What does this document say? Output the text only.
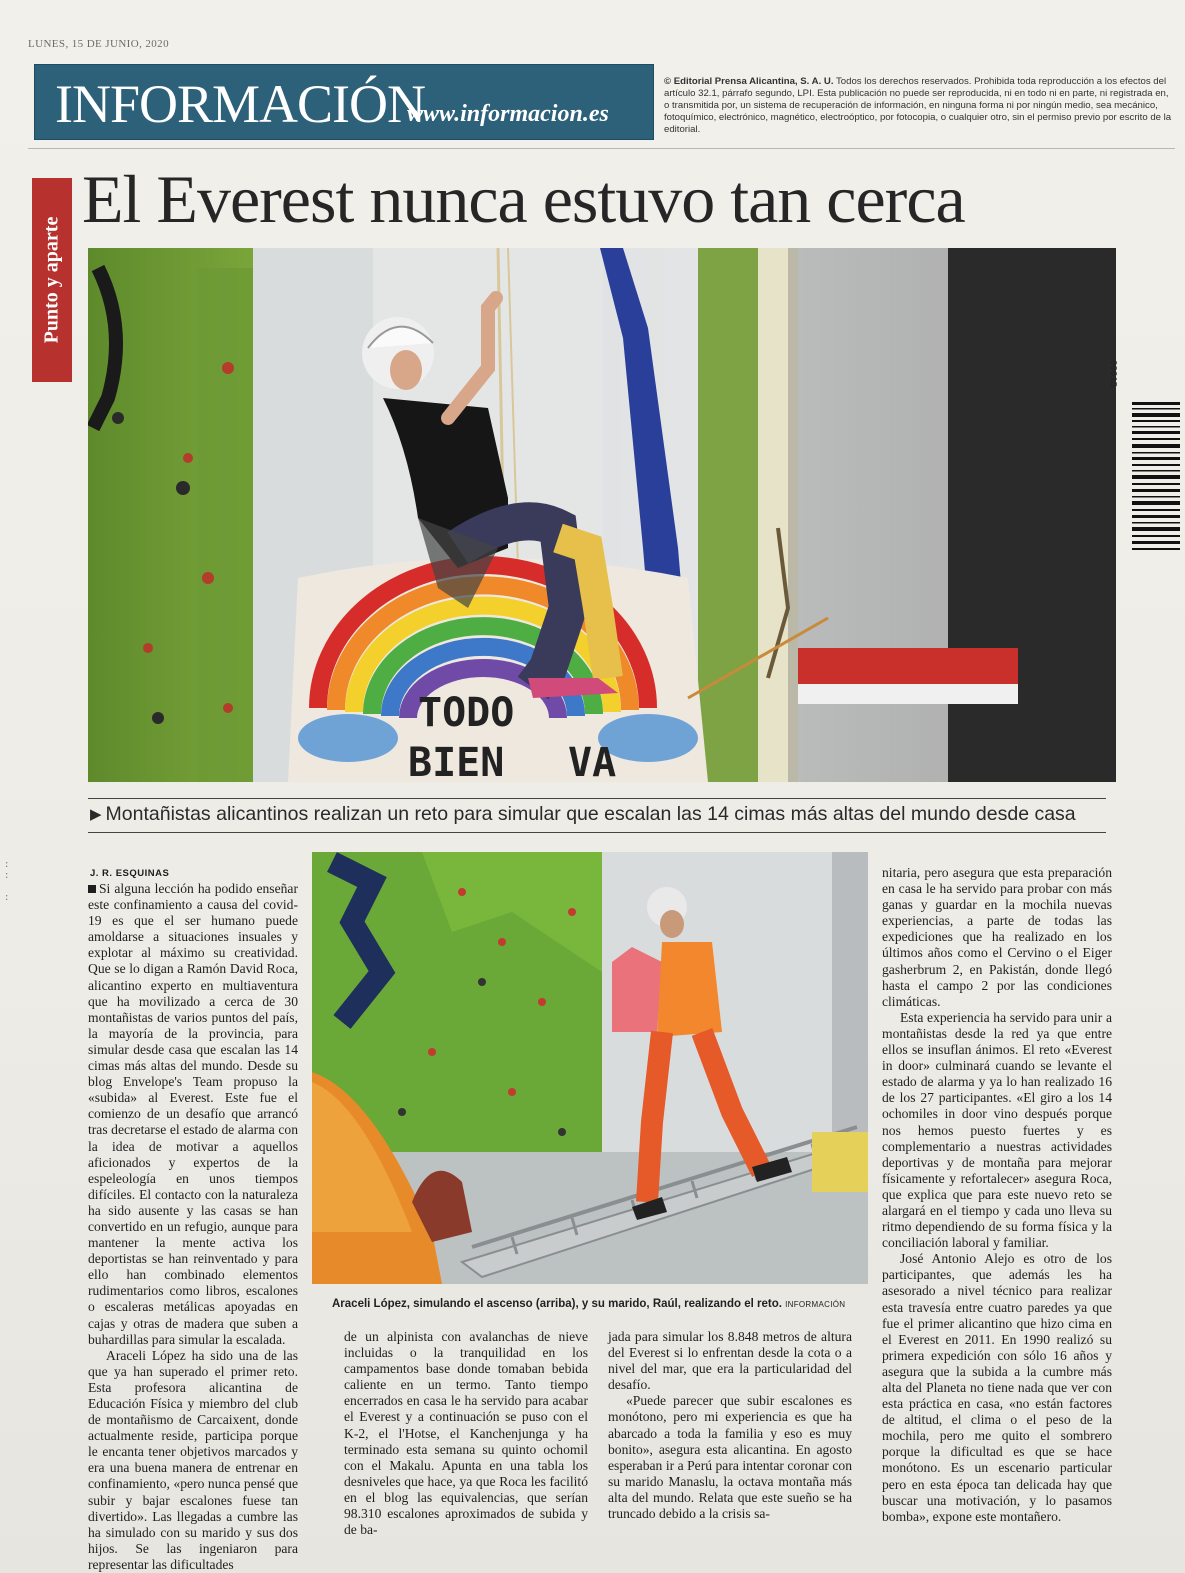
LUNES, 15 DE JUNIO, 2020
INFORMACIÓN
www.informacion.es
© Editorial Prensa Alicantina, S. A. U. Todos los derechos reservados. Prohibida toda reproducción a los efectos del artículo 32.1, párrafo segundo, LPI. Esta publicación no puede ser reproducida, ni en todo ni en parte, ni registrada en, o transmitida por, un sistema de recuperación de información, en ninguna forma ni por ningún medio, sea mecánico, fotoquímico, electrónico, magnético, electroóptico, por fotocopia, o cualquier otro, sin el permiso previo por escrito de la editorial.
Punto y aparte
El Everest nunca estuvo tan cerca
TODO
BIEN VA
▶ Montañistas alicantinos realizan un reto para simular que escalan las 14 cimas más altas del mundo desde casa
J. R. ESQUINAS

Si alguna lección ha podido enseñar este confinamiento a causa del covid-19 es que el ser humano puede amoldarse a situaciones insuales y explotar al máximo su creatividad. Que se lo digan a Ramón David Roca, alicantino experto en multiaventura que ha movilizado a cerca de 30 montañistas de varios puntos del país, la mayoría de la provincia, para simular desde casa que escalan las 14 cimas más altas del mundo. Desde su blog Envelope's Team propuso la «subida» al Everest. Este fue el comienzo de un desafío que arrancó tras decretarse el estado de alarma con la idea de motivar a aquellos aficionados y expertos de la espeleología en unos tiempos difíciles. El contacto con la naturaleza ha sido ausente y las casas se han convertido en un refugio, aunque para mantener la mente activa los deportistas se han reinventado y para ello han combinado elementos rudimentarios como libros, escalones o escaleras metálicas apoyadas en cajas y otras de madera que suben a buhardillas para simular la escalada.

Araceli López ha sido una de las que ya han superado el primer reto. Esta profesora alicantina de Educación Física y miembro del club de montañismo de Carcaixent, donde actualmente reside, participa porque le encanta tener objetivos marcados y era una buena manera de entrenar en confinamiento, «pero nunca pensé que subir y bajar escalones fuese tan divertido». Las llegadas a cumbre las ha simulado con su marido y sus dos hijos. Se las ingeniaron para representar las dificultades

Araceli López, simulando el ascenso (arriba), y su marido, Raúl, realizando el reto. INFORMACIÓN

de un alpinista con avalanchas de nieve incluidas o la tranquilidad en los campamentos base donde tomaban bebida caliente en un termo. Tanto tiempo encerrados en casa le ha servido para acabar el Everest y a continuación se puso con el K-2, el l'Hotse, el Kanchenjunga y ha terminado esta semana su quinto ochomil con el Makalu. Apunta en una tabla los desniveles que hace, ya que Roca les facilitó en el blog las equivalencias, que serían 98.310 escalones aproximados de subida y de ba-

jada para simular los 8.848 metros de altura del Everest si lo enfrentan desde la cota o a nivel del mar, que era la particularidad del desafío.

«Puede parecer que subir escalones es monótono, pero mi experiencia es que ha abarcado a toda la familia y eso es muy bonito», asegura esta alicantina. En agosto esperaban ir a Perú para intentar coronar con su marido Manaslu, la octava montaña más alta del mundo. Relata que este sueño se ha truncado debido a la crisis sa-

nitaria, pero asegura que esta preparación en casa le ha servido para probar con más ganas y guardar en la mochila nuevas experiencias, a parte de todas las expediciones que ha realizado en los últimos años como el Cervino o el Eiger gasherbrum 2, en Pakistán, donde llegó hasta el campo 2 por las condiciones climáticas.

Esta experiencia ha servido para unir a montañistas desde la red ya que entre ellos se insuflan ánimos. El reto «Everest in door» culminará cuando se levante el estado de alarma y ya lo han realizado 16 de los 27 participantes. «El giro a los 14 ochomiles in door vino después porque nos hemos puesto fuertes y es complementario a nuestras actividades deportivas y de montaña para mejorar físicamente y refortalecer» asegura Roca, que explica que para este nuevo reto se alargará en el tiempo y cada uno lleva su ritmo dependiendo de su forma física y la conciliación laboral y familiar.

José Antonio Alejo es otro de los participantes, que además les ha asesorado a nivel técnico para realizar esta travesía entre cuatro paredes ya que fue el primer alicantino que hizo cima en el Everest en 2011. En 1990 realizó su primera expedición con sólo 16 años y asegura que la subida a la cumbre más alta del Planeta no tiene nada que ver con esta práctica en casa, «no están factores de altitud, el clima o el peso de la mochila, pero me quito el sombrero porque la dificultad es que se hace monótono. Es un escenario particular pero en esta época tan delicada hay que buscar una motivación, y lo pasamos bomba», expone este montañero.

00615
:
:

:
